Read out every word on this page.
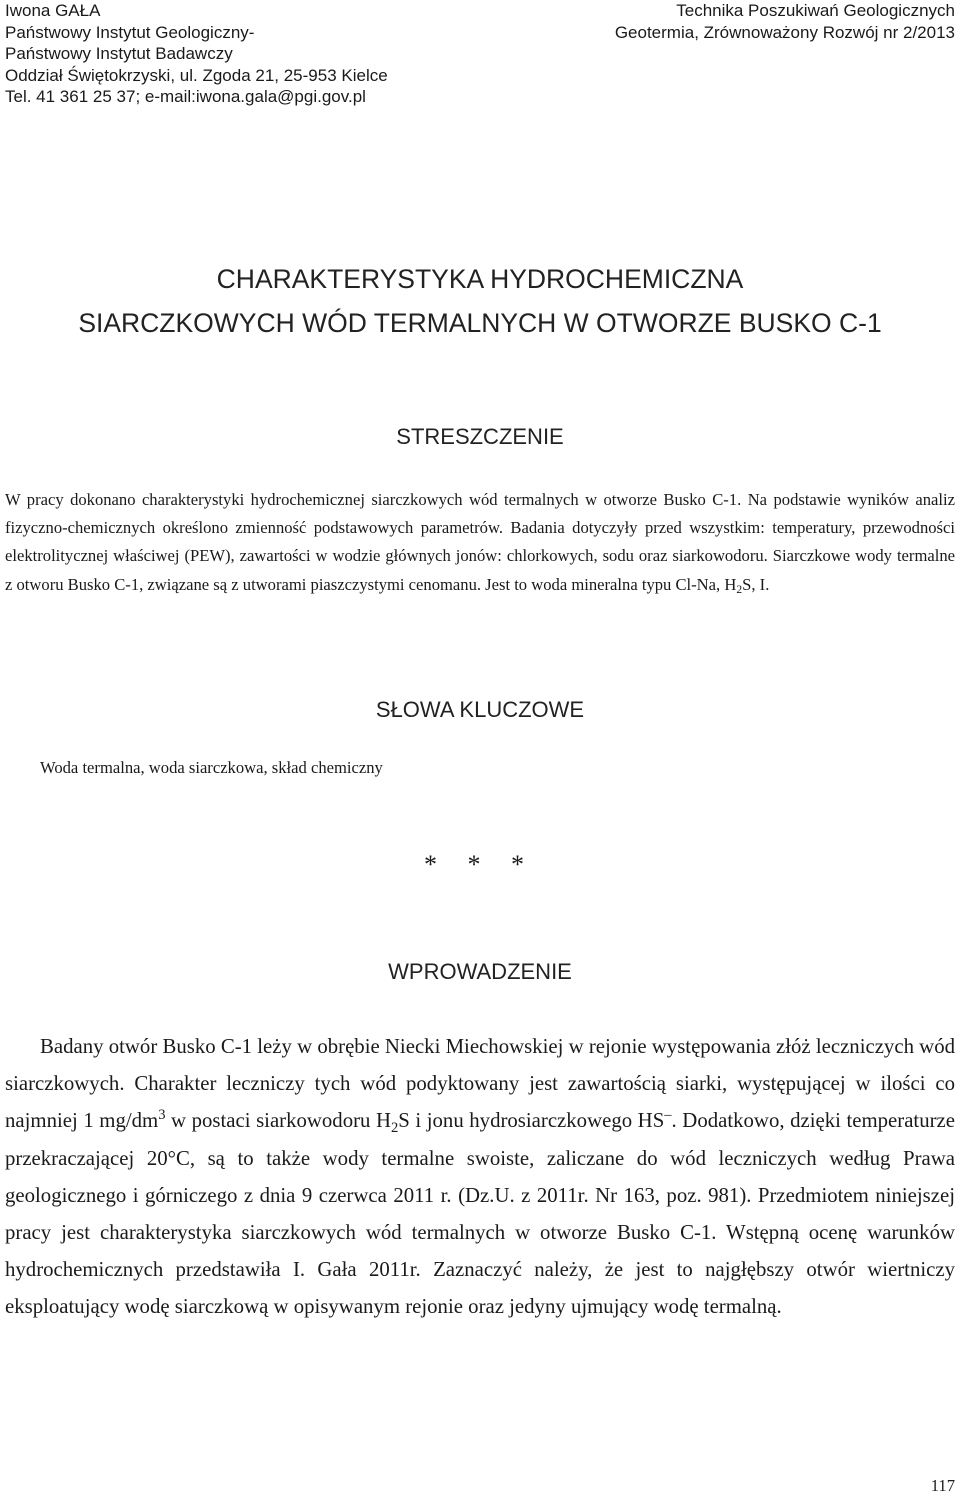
Iwona GAŁA
Państwowy Instytut Geologiczny-
Państwowy Instytut Badawczy
Oddział Świętokrzyski, ul. Zgoda 21, 25-953 Kielce
Tel. 41 361 25 37; e-mail:iwona.gala@pgi.gov.pl
Technika Poszukiwań Geologicznych
Geotermia, Zrównoważony Rozwój nr 2/2013
CHARAKTERYSTYKA HYDROCHEMICZNA
SIARCZKOWYCH WÓD TERMALNYCH W OTWORZE BUSKO C-1
STRESZCZENIE
W pracy dokonano charakterystyki hydrochemicznej siarczkowych wód termalnych w otworze Busko C-1. Na podstawie wyników analiz fizyczno-chemicznych określono zmienność podstawowych parametrów. Badania dotyczyły przed wszystkim: temperatury, przewodności elektrolitycznej właściwej (PEW), zawartości w wodzie głównych jonów: chlorkowych, sodu oraz siarkowodoru. Siarczkowe wody termalne z otworu Busko C-1, związane są z utworami piaszczystymi cenomanu. Jest to woda mineralna typu Cl-Na, $H_2S$, I.
SŁOWA KLUCZOWE
Woda termalna, woda siarczkowa, skład chemiczny
* * *
WPROWADZENIE
Badany otwór Busko C-1 leży w obrębie Niecki Miechowskiej w rejonie występowania złóż leczniczych wód siarczkowych. Charakter leczniczy tych wód podyktowany jest zawartością siarki, występującej w ilości co najmniej 1 $mg/dm^3$ w postaci siarkowodoru $H_2S$ i jonu hydrosiarczkowego HS–. Dodatkowo, dzięki temperaturze przekraczającej 20°C, są to także wody termalne swoiste, zaliczane do wód leczniczych według Prawa geologicznego i górniczego z dnia 9 czerwca 2011 r. (Dz.U. z 2011r. Nr 163, poz. 981). Przedmiotem niniejszej pracy jest charakterystyka siarczkowych wód termalnych w otworze Busko C-1. Wstępną ocenę warunków hydrochemicznych przedstawiła I. Gała 2011r. Zaznaczyć należy, że jest to najgłębszy otwór wiertniczy eksploatujący wodę siarczkową w opisywanym rejonie oraz jedyny ujmujący wodę termalną.
117
